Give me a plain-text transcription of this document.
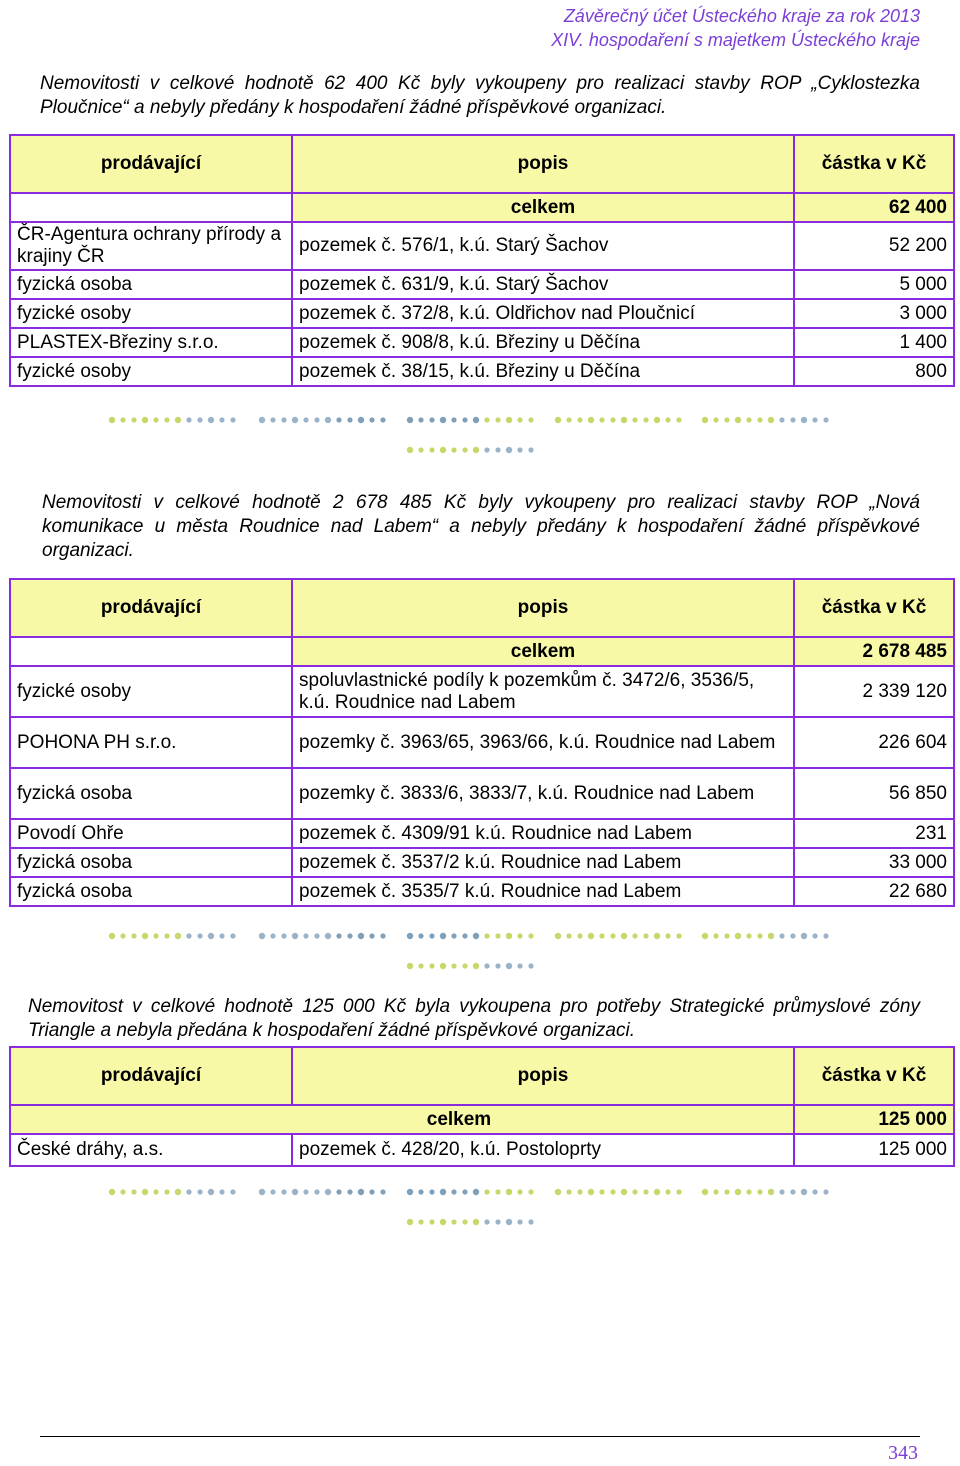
Závěrečný účet Ústeckého kraje za rok 2013
XIV. hospodaření s majetkem Ústeckého kraje
Nemovitosti v celkové hodnotě 62 400 Kč byly vykoupeny pro realizaci stavby ROP „Cyklostezka Ploučnice“ a nebyly předány k hospodaření žádné příspěvkové organizaci.
prodávající	popis	částka v Kč
	celkem	62 400
ČR-Agentura ochrany přírody a krajiny ČR	pozemek č. 576/1, k.ú. Starý Šachov	52 200
fyzická osoba	pozemek č. 631/9, k.ú. Starý Šachov	5 000
fyzické osoby	pozemek č. 372/8, k.ú. Oldřichov nad Ploučnicí	3 000
PLASTEX-Březiny s.r.o.	pozemek č. 908/8, k.ú. Březiny u Děčína	1 400
fyzické osoby	pozemek č. 38/15, k.ú. Březiny u Děčína	800
Nemovitosti v celkové hodnotě 2 678 485 Kč byly vykoupeny pro realizaci stavby ROP „Nová komunikace u města Roudnice nad Labem“ a nebyly předány k hospodaření žádné příspěvkové organizaci.
prodávající	popis	částka v Kč
	celkem	2 678 485
fyzické osoby	spoluvlastnické podíly k pozemkům č. 3472/6, 3536/5, k.ú. Roudnice nad Labem	2 339 120
POHONA PH s.r.o.	pozemky č. 3963/65, 3963/66, k.ú. Roudnice nad Labem	226 604
fyzická osoba	pozemky č. 3833/6, 3833/7, k.ú. Roudnice nad Labem	56 850
Povodí Ohře	pozemek č. 4309/91 k.ú. Roudnice nad Labem	231
fyzická osoba	pozemek č. 3537/2 k.ú. Roudnice nad Labem	33 000
fyzická osoba	pozemek č. 3535/7 k.ú. Roudnice nad Labem	22 680
Nemovitost v celkové hodnotě 125 000 Kč byla vykoupena pro potřeby Strategické průmyslové zóny Triangle a nebyla předána k hospodaření žádné příspěvkové organizaci.
prodávající	popis	částka v Kč
celkem		125 000
České dráhy, a.s.	pozemek č. 428/20, k.ú. Postoloprty	125 000
343
